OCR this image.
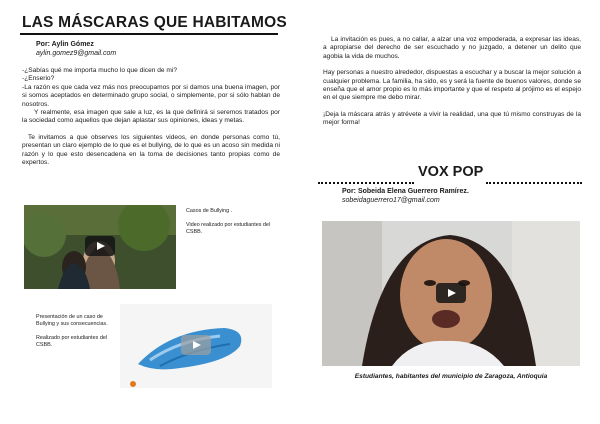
LAS MÁSCARAS QUE HABITAMOS
Por: Aylin Gómez
aylin.gomez9@gmail.com

-¿Sabías qué me importa mucho lo que dicen de mi?

-¿Enserio?

-La razón es que cada vez más nos preocupamos por si damos una buena imagen, por si somos aceptados en determinado grupo social, o simplemente, por si sólo hablan de nosotros.

Y realmente, esa imagen que sale a luz, es la que definirá si seremos tratados por la sociedad como aquellos que dejan aplastar sus opiniones, ideas y metas.

Te invitamos a que observes los siguientes videos, en donde personas como tú, presentan un claro ejemplo de lo que es el bullying, de lo que es un acoso sin medida ni razón y lo que esto desencadena en la toma de decisiones tanto propias como de expertos.

Casos de Bullying .

Video realizado por estudiantes del CSBB.

Presentación de un caso de Bullying y sus consecuencias.

Realizado por estudiantes del CSBB.

La invitación es pues, a no callar, a alzar una voz empoderada, a expresar las ideas, a apropiarse del derecho de ser escuchado y no juzgado, a detener un delito que agobia la vida de muchos.

Hay personas a nuestro alrededor, dispuestas a escuchar y a buscar la mejor solución a cualquier problema. La familia, ha sido, es y será la fuente de buenos valores, donde se enseña que el amor propio es lo más importante y que el respeto al prójimo es el espejo en el que siempre me debo mirar.

¡Deja la máscara atrás y atrévete a vivir la realidad, una que tú mismo construyas de la mejor forma!

VOX POP
Por: Sobeida Elena Guerrero Ramírez.
sobeidaguerrero17@gmail.com
Estudiantes, habitantes del municipio de Zaragoza, Antioquia
